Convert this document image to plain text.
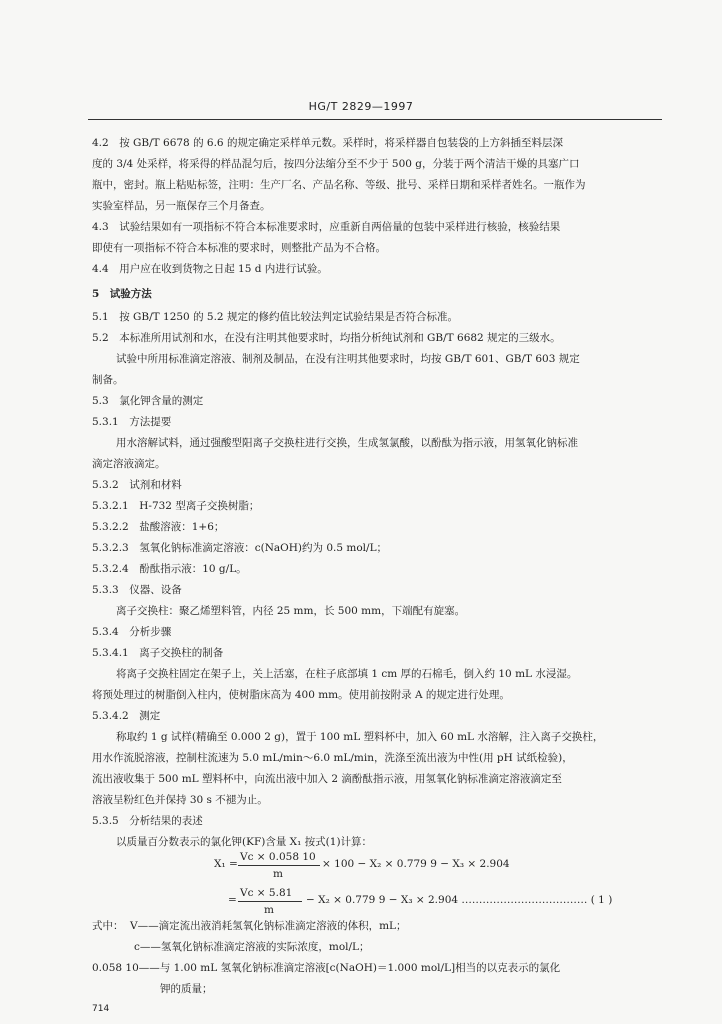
HG/T 2829—1997
4.2　按 GB/T 6678 的 6.6 的规定确定采样单元数。采样时，将采样器自包装袋的上方斜插至料层深
度的 3/4 处采样，将采得的样品混匀后，按四分法缩分至不少于 500 g，分装于两个清洁干燥的具塞广口
瓶中，密封。瓶上粘贴标签，注明：生产厂名、产品名称、等级、批号、采样日期和采样者姓名。一瓶作为
实验室样品，另一瓶保存三个月备查。
4.3　试验结果如有一项指标不符合本标准要求时，应重新自两倍量的包装中采样进行核验，核验结果
即使有一项指标不符合本标准的要求时，则整批产品为不合格。
4.4　用户应在收到货物之日起 15 d 内进行试验。
5　试验方法
5.1　按 GB/T 1250 的 5.2 规定的修约值比较法判定试验结果是否符合标准。
5.2　本标准所用试剂和水，在没有注明其他要求时，均指分析纯试剂和 GB/T 6682 规定的三级水。
试验中所用标准滴定溶液、制剂及制品，在没有注明其他要求时，均按 GB/T 601、GB/T 603 规定
制备。
5.3　氯化钾含量的测定
5.3.1　方法提要
用水溶解试料，通过强酸型阳离子交换柱进行交换，生成氢氯酸，以酚酞为指示液，用氢氧化钠标准
滴定溶液滴定。
5.3.2　试剂和材料
5.3.2.1　H-732 型离子交换树脂；
5.3.2.2　盐酸溶液：1+6；
5.3.2.3　氢氧化钠标准滴定溶液：c(NaOH)约为 0.5 mol/L；
5.3.2.4　酚酞指示液：10 g/L。
5.3.3　仪器、设备
离子交换柱：聚乙烯塑料管，内径 25 mm，长 500 mm，下端配有旋塞。
5.3.4　分析步骤
5.3.4.1　离子交换柱的制备
将离子交换柱固定在架子上，关上活塞，在柱子底部填 1 cm 厚的石棉毛，倒入约 10 mL 水浸湿。
将预处理过的树脂倒入柱内，使树脂床高为 400 mm。使用前按附录 A 的规定进行处理。
5.3.4.2　测定
称取约 1 g 试样(精确至 0.000 2 g)，置于 100 mL 塑料杯中，加入 60 mL 水溶解，注入离子交换柱，
用水作流脱溶液，控制柱流速为 5.0 mL/min～6.0 mL/min，洗涤至流出液为中性(用 pH 试纸检验)，
流出液收集于 500 mL 塑料杯中，向流出液中加入 2 滴酚酞指示液，用氢氧化钠标准滴定溶液滴定至
溶液呈粉红色并保持 30 s 不褪为止。
5.3.5　分析结果的表述
以质量百分数表示的氯化钾(KF)含量 X₁ 按式(1)计算：
X₁ =
Vc × 0.058 10
m
× 100 − X₂ × 0.779 9 − X₃ × 2.904
=
Vc × 5.81
m
− X₂ × 0.779 9 − X₃ × 2.904 ……………………………… ( 1 )
式中： V——滴定流出液消耗氢氧化钠标准滴定溶液的体积，mL；
c——氢氧化钠标准滴定溶液的实际浓度，mol/L；
0.058 10——与 1.00 mL 氢氧化钠标准滴定溶液[c(NaOH)＝1.000 mol/L]相当的以克表示的氯化
钾的质量；
714
